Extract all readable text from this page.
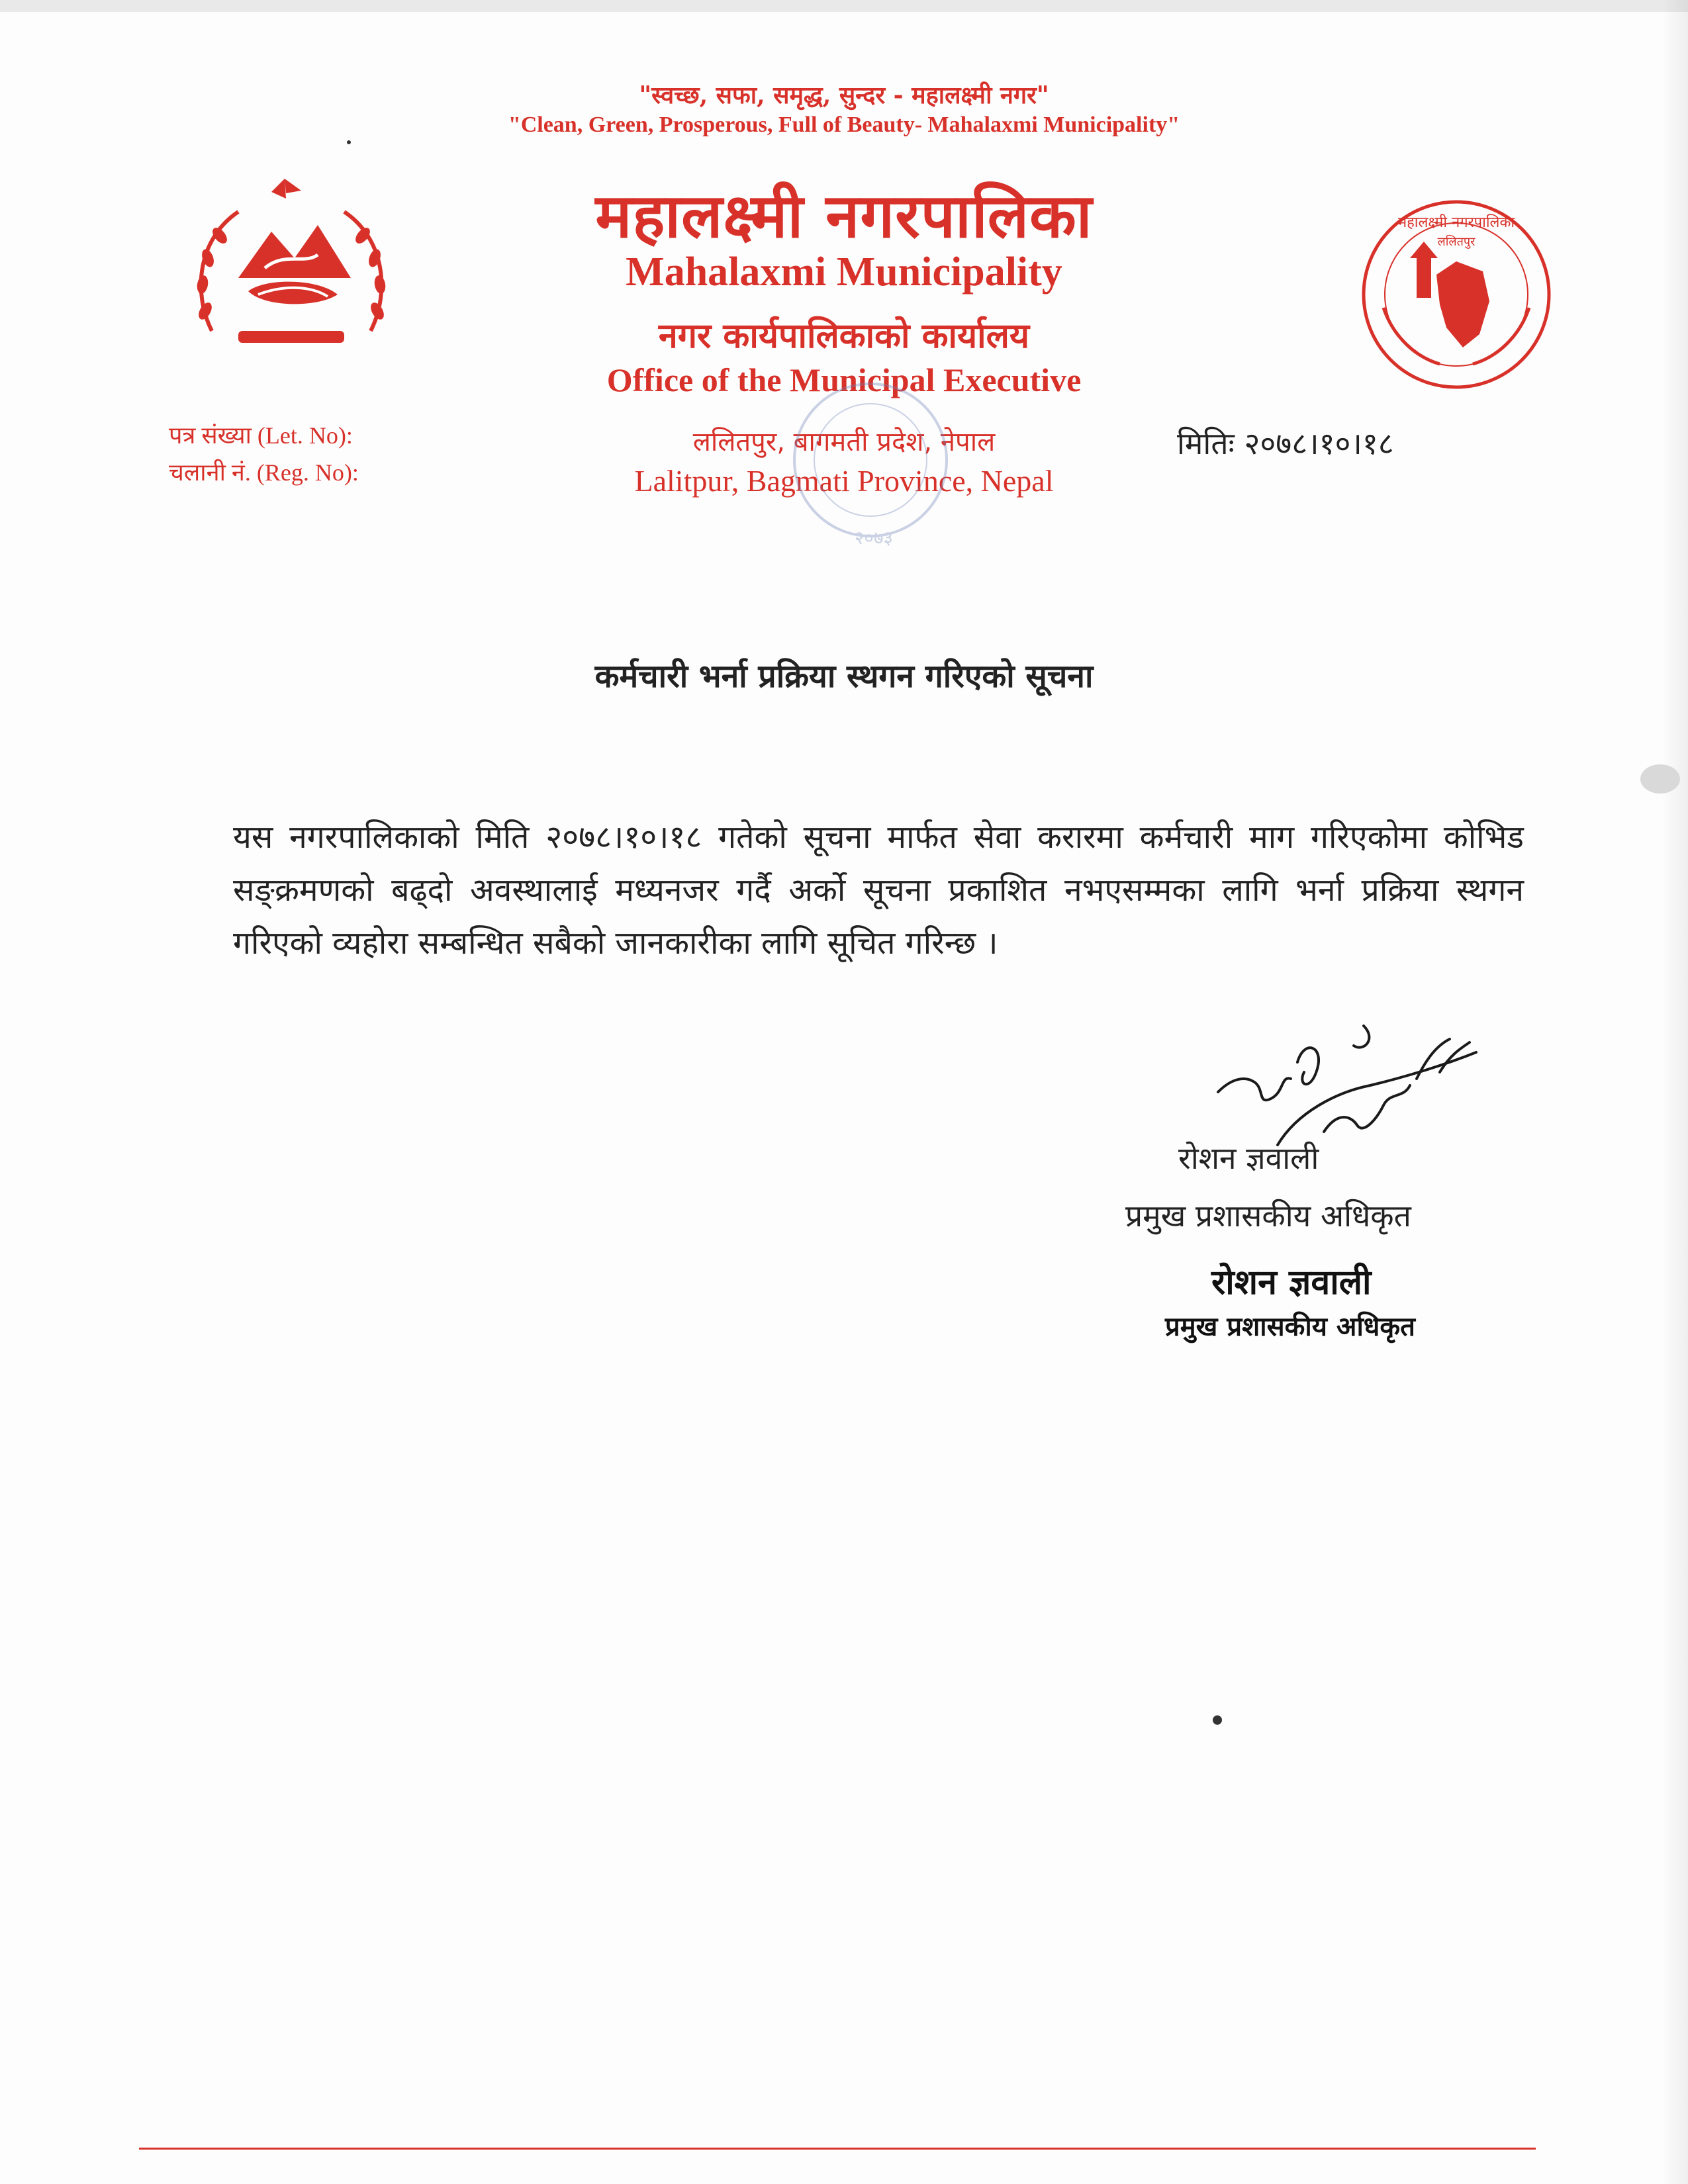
"स्वच्छ, सफा, समृद्ध, सुन्दर - महालक्ष्मी नगर"
"Clean, Green, Prosperous, Full of Beauty- Mahalaxmi Municipality"
महालक्ष्मी नगरपालिका
Mahalaxmi Municipality
नगर कार्यपालिकाको कार्यालय
Office of the Municipal Executive
ललितपुर, बागमती प्रदेश, नेपाल
Lalitpur, Bagmati Province, Nepal
पत्र संख्या (Let. No):
चलानी नं. (Reg. No):
मितिः २०७८।१०।१८
महालक्ष्मी नगरपालिका
ललितपुर
२०७३
कर्मचारी भर्ना प्रक्रिया स्थगन गरिएको सूचना
यस नगरपालिकाको मिति २०७८।१०।१८ गतेको सूचना मार्फत सेवा करारमा कर्मचारी माग गरिएकोमा कोभिड सङ्क्रमणको बढ्दो अवस्थालाई मध्यनजर गर्दै अर्को सूचना प्रकाशित नभएसम्मका लागि भर्ना प्रक्रिया स्थगन गरिएको व्यहोरा सम्बन्धित सबैको जानकारीका लागि सूचित गरिन्छ ।
रोशन ज्ञवाली
प्रमुख प्रशासकीय अधिकृत
रोशन ज्ञवाली
प्रमुख प्रशासकीय अधिकृत
